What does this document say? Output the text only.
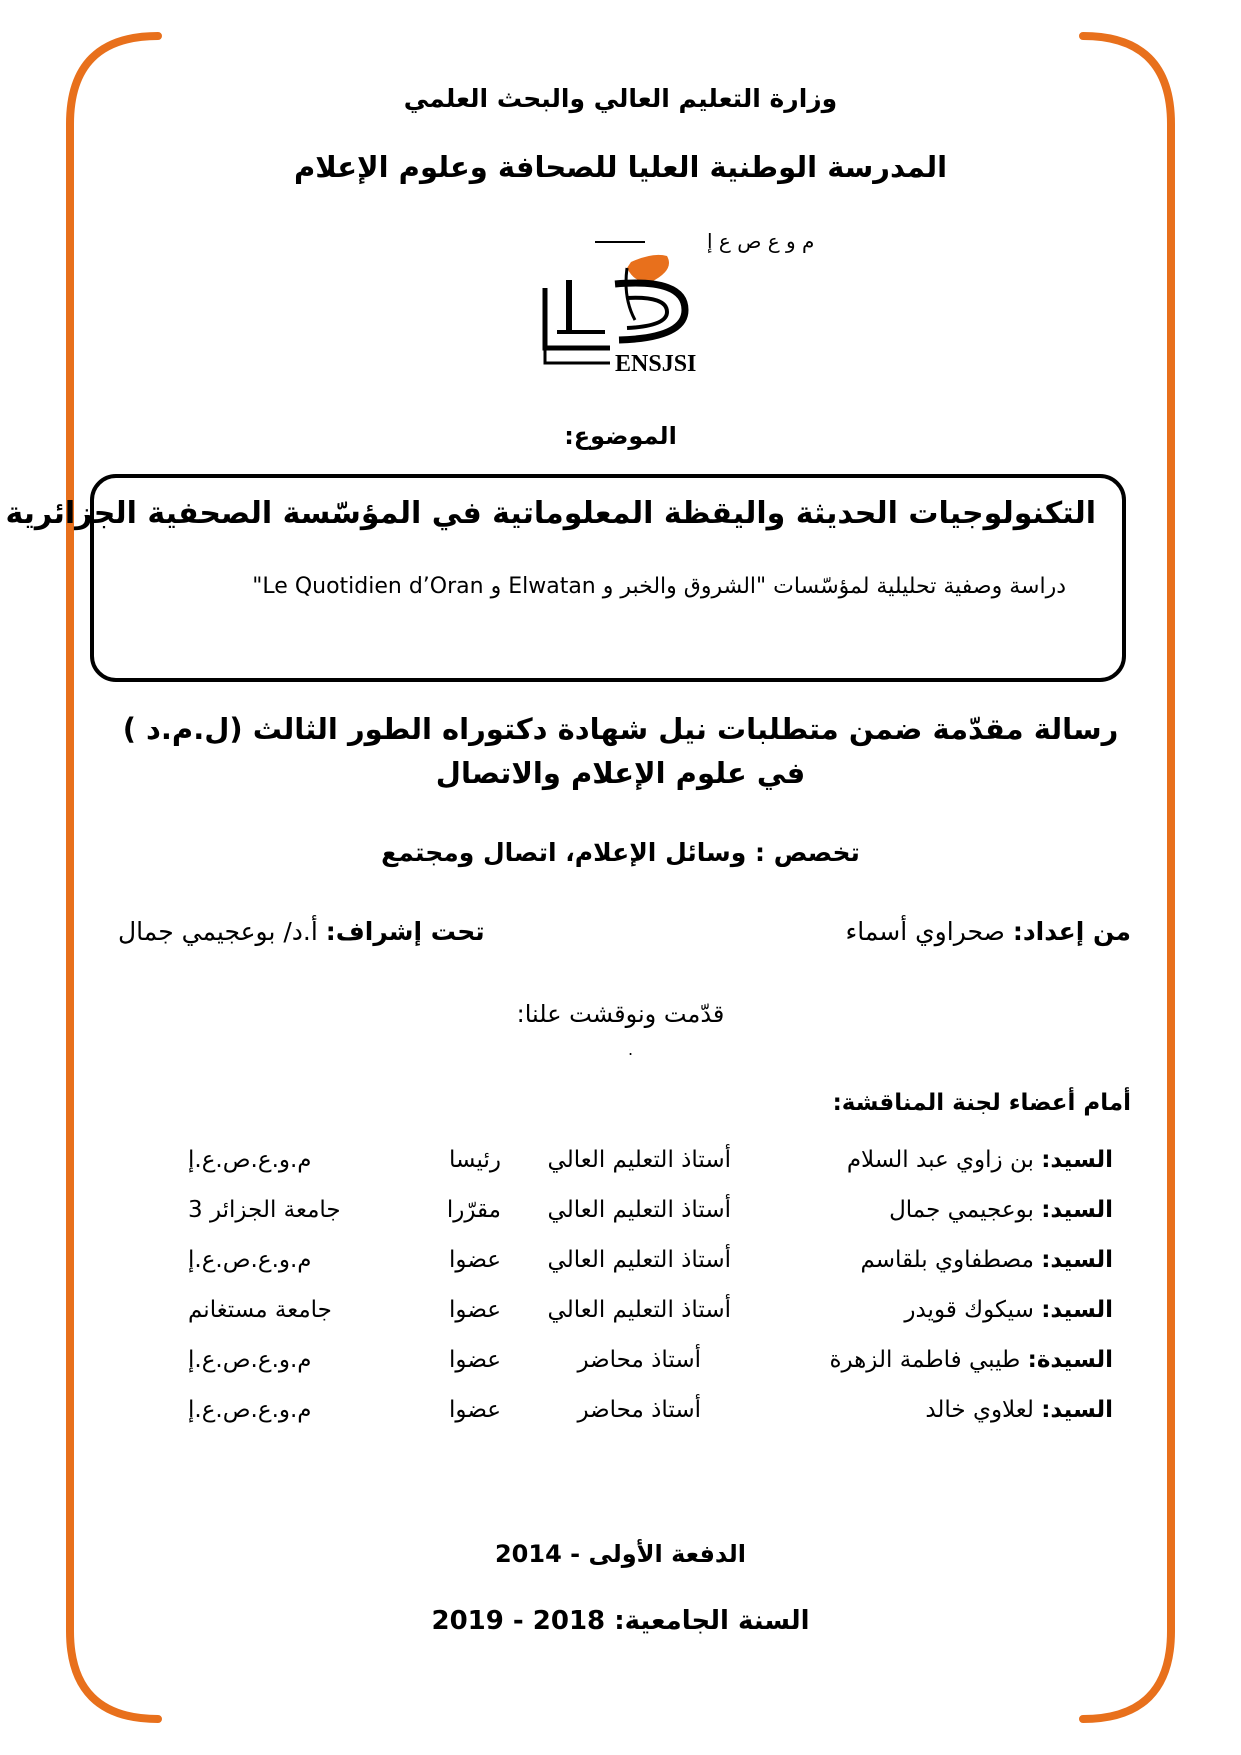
وزارة التعليم العالي والبحث العلمي
المدرسة الوطنية العليا للصحافة وعلوم الإعلام
م و ع ص ع إ
ENSJSI
الموضوع:
التكنولوجيات الحديثة واليقظة المعلوماتية في المؤسّسة الصحفية الجزائرية
دراسة وصفية تحليلية لمؤسّسات "الشروق والخبر و Elwatan و Le Quotidien d’Oran"
رسالة مقدّمة ضمن متطلبات نيل شهادة دكتوراه الطور الثالث (ل.م.د )
في علوم الإعلام والاتصال
تخصص : وسائل الإعلام، اتصال ومجتمع
من إعداد: صحراوي أسماء
تحت إشراف: أ.د/ بوعجيمي جمال
قدّمت ونوقشت علنا:
.
أمام أعضاء لجنة المناقشة:
السيد: بن زاوي عبد السلام
أستاذ التعليم العالي
رئيسا
م.و.ع.ص.ع.إ
السيد: بوعجيمي جمال
أستاذ التعليم العالي
مقرّرا
جامعة الجزائر 3
السيد: مصطفاوي بلقاسم
أستاذ التعليم العالي
عضوا
م.و.ع.ص.ع.إ
السيد: سيكوك قويدر
أستاذ التعليم العالي
عضوا
جامعة مستغانم
السيدة: طيبي فاطمة الزهرة
أستاذ محاضر
عضوا
م.و.ع.ص.ع.إ
السيد: لعلاوي خالد
أستاذ محاضر
عضوا
م.و.ع.ص.ع.إ
الدفعة الأولى - 2014
السنة الجامعية: 2018 - 2019
